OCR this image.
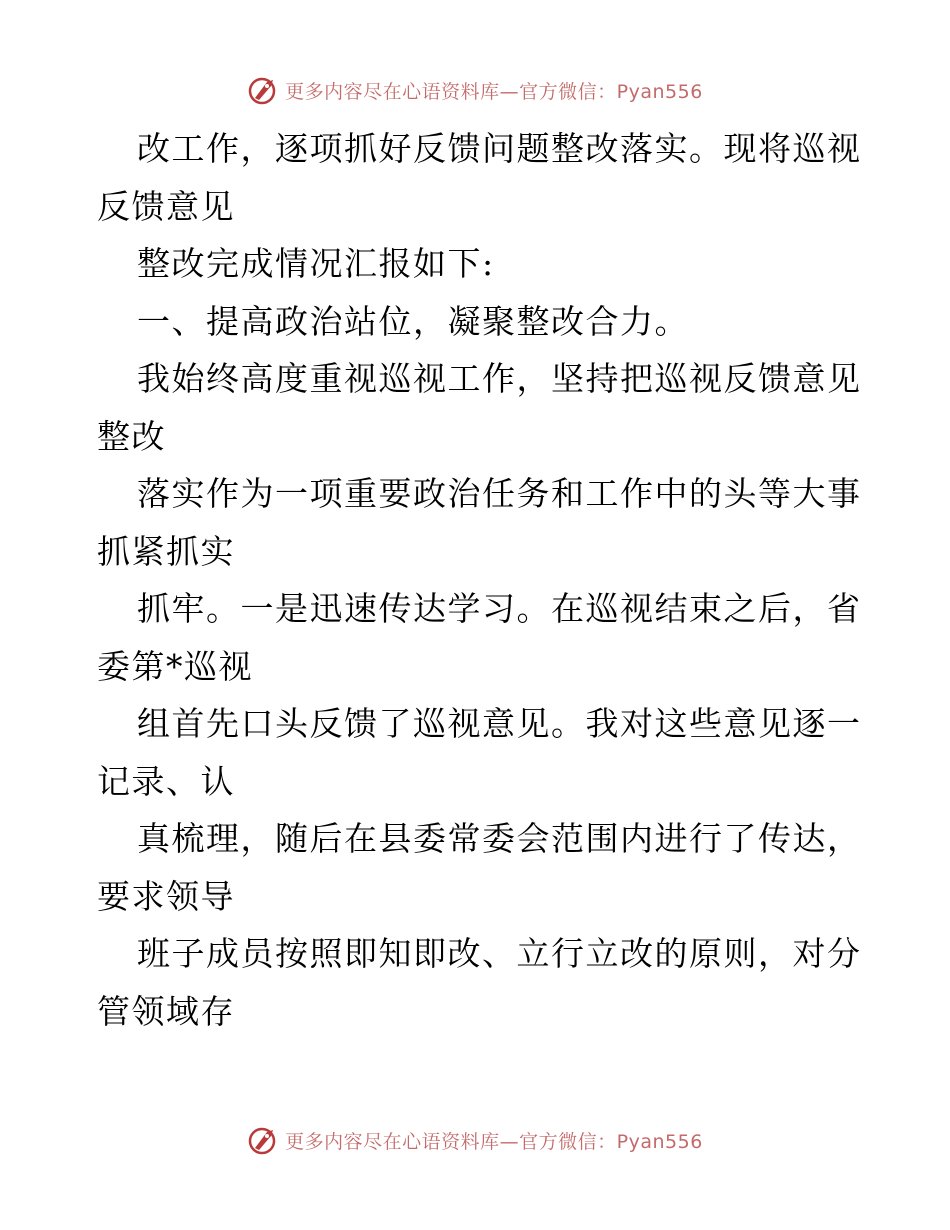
更多内容尽在心语资料库—官方微信：Pyan556
改工作，逐项抓好反馈问题整改落实。现将巡视
反馈意见
整改完成情况汇报如下:
一、提高政治站位，凝聚整改合力。
我始终高度重视巡视工作，坚持把巡视反馈意见
整改
落实作为一项重要政治任务和工作中的头等大事
抓紧抓实
抓牢。一是迅速传达学习。在巡视结束之后，省
委第*巡视
组首先口头反馈了巡视意见。我对这些意见逐一
记录、认
真梳理，随后在县委常委会范围内进行了传达，
要求领导
班子成员按照即知即改、立行立改的原则，对分
管领域存
更多内容尽在心语资料库—官方微信：Pyan556
